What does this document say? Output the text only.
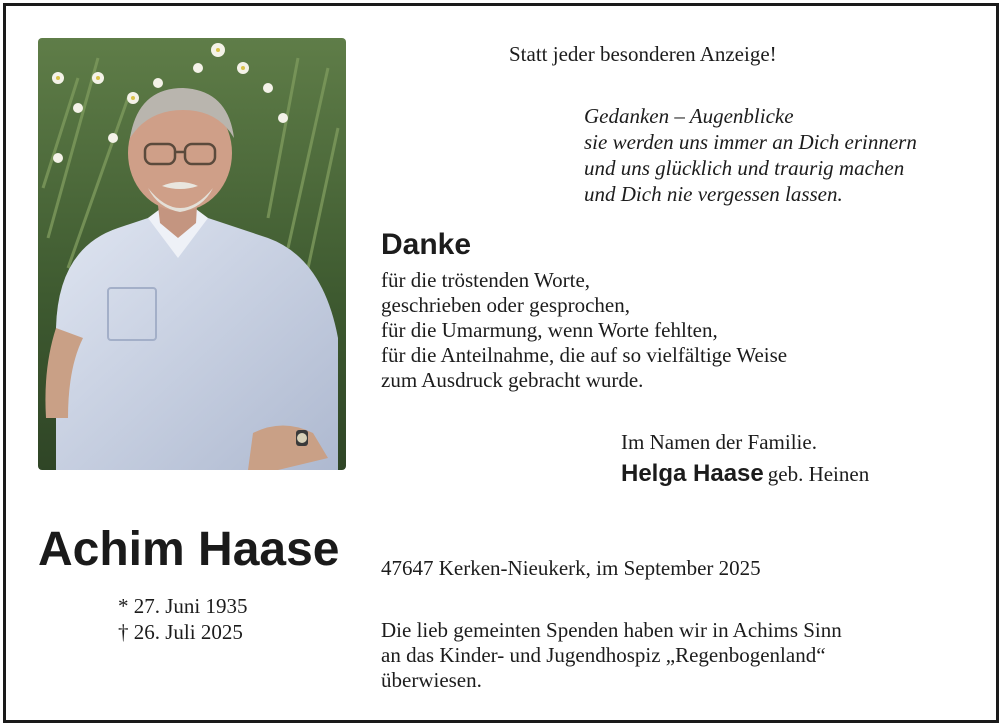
Achim Haase
* 27. Juni 1935
† 26. Juli 2025
Statt jeder besonderen Anzeige!
Gedanken – Augenblicke
sie werden uns immer an Dich erinnern
und uns glücklich und traurig machen
und Dich nie vergessen lassen.
Danke
für die tröstenden Worte,
geschrieben oder gesprochen,
für die Umarmung, wenn Worte fehlten,
für die Anteilnahme, die auf so vielfältige Weise
zum Ausdruck gebracht wurde.
Im Namen der Familie.
Helga Haase geb. Heinen
47647 Kerken-Nieukerk, im September 2025
Die lieb gemeinten Spenden haben wir in Achims Sinn
an das Kinder- und Jugendhospiz „Regenbogenland“
überwiesen.
